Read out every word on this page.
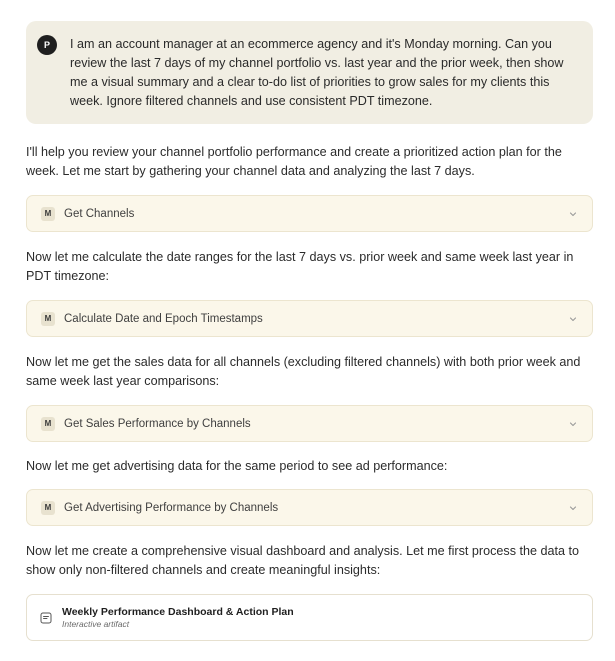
P	I am an account manager at an ecommerce agency and it's Monday morning. Can you review the last 7 days of my channel portfolio vs. last year and the prior week, then show me a visual summary and a clear to-do list of priorities to grow sales for my clients this week. Ignore filtered channels and use consistent PDT timezone.
I'll help you review your channel portfolio performance and create a prioritized action plan for the week. Let me start by gathering your channel data and analyzing the last 7 days.
M	Get Channels
Now let me calculate the date ranges for the last 7 days vs. prior week and same week last year in PDT timezone:
M	Calculate Date and Epoch Timestamps
Now let me get the sales data for all channels (excluding filtered channels) with both prior week and same week last year comparisons:
M	Get Sales Performance by Channels
Now let me get advertising data for the same period to see ad performance:
M	Get Advertising Performance by Channels
Now let me create a comprehensive visual dashboard and analysis. Let me first process the data to show only non-filtered channels and create meaningful insights:
Weekly Performance Dashboard & Action Plan
Interactive artifact
